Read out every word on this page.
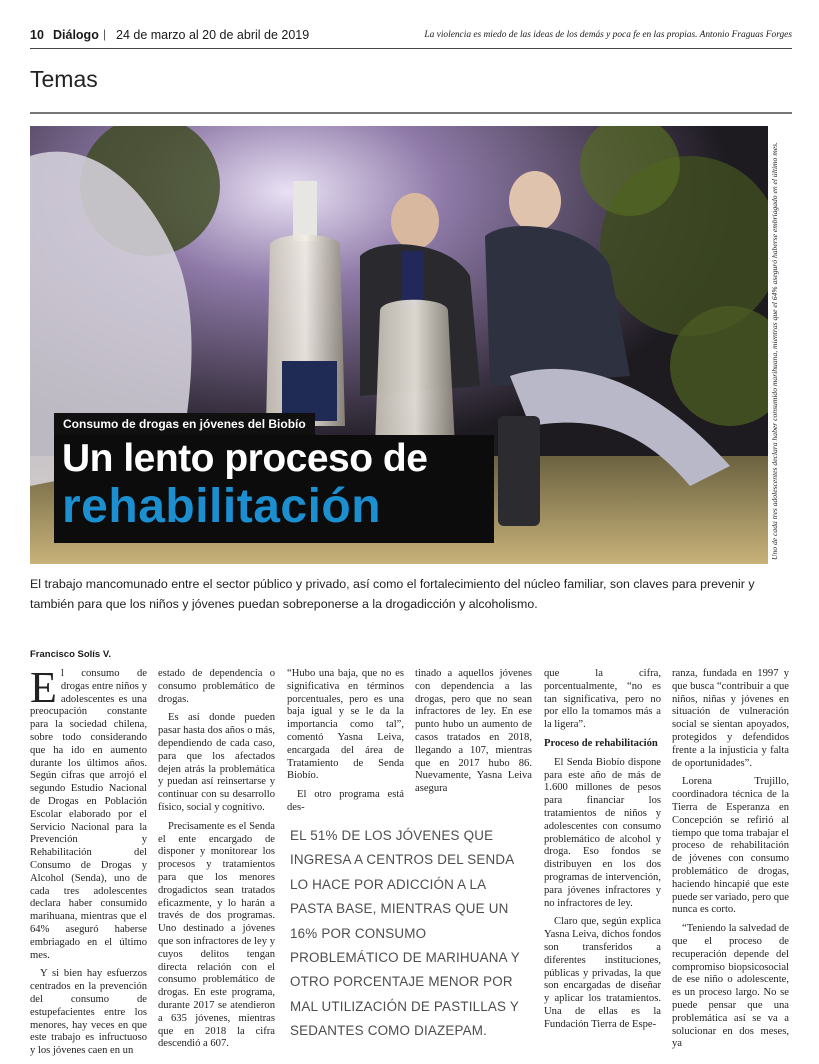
10 Diálogo | 24 de marzo al 20 de abril de 2019	La violencia es miedo de las ideas de los demás y poca fe en las propias. Antonio Fraguas Forges
Temas
Uno de cada tres adolescentes declara haber consumido marihuana, mientras que el 64% aseguró haberse embriagado en el último mes.
Consumo de drogas en jóvenes del Biobío
Un lento proceso de
rehabilitación
El trabajo mancomunado entre el sector público y privado, así como el fortalecimiento del núcleo familiar, son claves para prevenir y también para que los niños y jóvenes puedan sobreponerse a la drogadicción y alcoholismo.
Francisco Solís V.

El consumo de drogas entre niños y adolescentes es una preocupación constante para la sociedad chilena, sobre todo considerando que ha ido en aumento durante los últimos años. Según cifras que arrojó el segundo Estudio Nacional de Drogas en Población Escolar elaborado por el Servicio Nacional para la Prevención y Rehabilitación del Consumo de Drogas y Alcohol (Senda), uno de cada tres adolescentes declara haber consumido marihuana, mientras que el 64% aseguró haberse embriagado en el último mes.

Y si bien hay esfuerzos centrados en la prevención del consumo de estupefacientes entre los menores, hay veces en que este trabajo es infructuoso y los jóvenes caen en un

estado de dependencia o consumo problemático de drogas.

Es así donde pueden pasar hasta dos años o más, dependiendo de cada caso, para que los afectados dejen atrás la problemática y puedan así reinsertarse y continuar con su desarrollo físico, social y cognitivo.

Precisamente es el Senda el ente encargado de disponer y monitorear los procesos y tratamientos para que los menores drogadictos sean tratados eficazmente, y lo harán a través de dos programas. Uno destinado a jóvenes que son infractores de ley y cuyos delitos tengan directa relación con el consumo problemático de drogas. En este programa, durante 2017 se atendieron a 635 jóvenes, mientras que en 2018 la cifra descendió a 607.

“Hubo una baja, que no es significativa en términos porcentuales, pero es una baja igual y se le da la importancia como tal”, comentó Yasna Leiva, encargada del área de Tratamiento de Senda Biobío.

El otro programa está des-

tinado a aquellos jóvenes con dependencia a las drogas, pero que no sean infractores de ley. En ese punto hubo un aumento de casos tratados en 2018, llegando a 107, mientras que en 2017 hubo 86. Nuevamente, Yasna Leiva asegura

que la cifra, porcentualmente, “no es tan significativa, pero no por ello la tomamos más a la ligera”.

Proceso de rehabilitación

El Senda Biobío dispone para este año de más de 1.600 millones de pesos para financiar los tratamientos de niños y adolescentes con consumo problemático de alcohol y droga. Eso fondos se distribuyen en los dos programas de intervención, para jóvenes infractores y no infractores de ley.

Claro que, según explica Yasna Leiva, dichos fondos son transferidos a diferentes instituciones, públicas y privadas, la que son encargadas de diseñar y aplicar los tratamientos. Una de ellas es la Fundación Tierra de Espe-

ranza, fundada en 1997 y que busca “contribuir a que niños, niñas y jóvenes en situación de vulneración social se sientan apoyados, protegidos y defendidos frente a la injusticia y falta de oportunidades”.

Lorena Trujillo, coordinadora técnica de la Tierra de Esperanza en Concepción se refirió al tiempo que toma trabajar el proceso de rehabilitación de jóvenes con consumo problemático de drogas, haciendo hincapié que este puede ser variado, pero que nunca es corto.

“Teniendo la salvedad de que el proceso de recuperación depende del compromiso biopsicosocial de ese niño o adolescente, es un proceso largo. No se puede pensar que una problemática así se va a solucionar en dos meses, ya

EL 51% DE LOS JÓVENES QUE INGRESA A CENTROS DEL SENDA LO HACE POR ADICCIÓN A LA PASTA BASE, MIENTRAS QUE UN 16% POR CONSUMO PROBLEMÁTICO DE MARIHUANA Y OTRO PORCENTAJE MENOR POR MAL UTILIZACIÓN DE PASTILLAS Y SEDANTES COMO DIAZEPAM.
